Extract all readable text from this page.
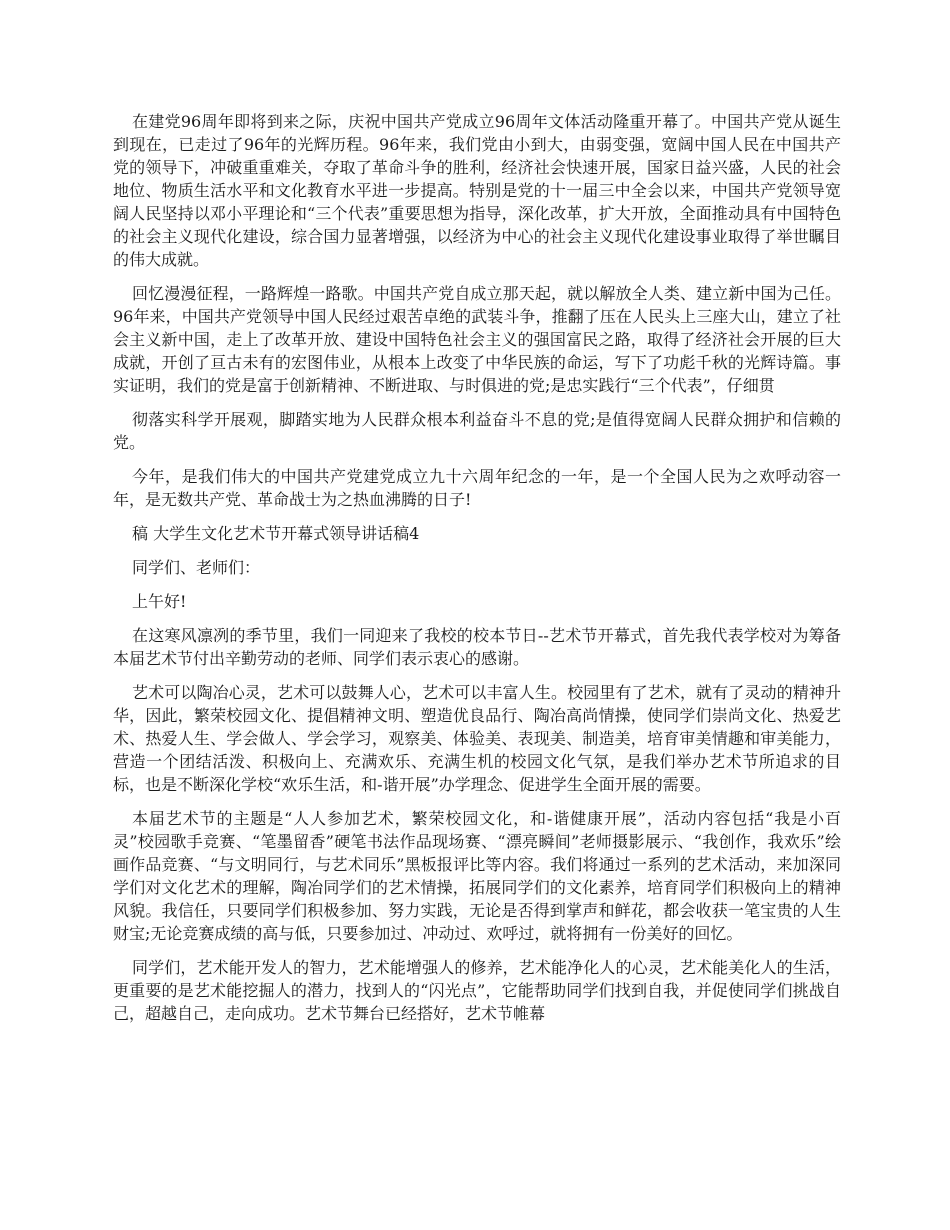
在建党96周年即将到来之际，庆祝中国共产党成立96周年文体活动隆重开幕了。中国共产党从诞生到现在，已走过了96年的光辉历程。96年来，我们党由小到大，由弱变强，宽阔中国人民在中国共产党的领导下，冲破重重难关，夺取了革命斗争的胜利，经济社会快速开展，国家日益兴盛，人民的社会地位、物质生活水平和文化教育水平进一步提高。特别是党的十一届三中全会以来，中国共产党领导宽阔人民坚持以邓小平理论和“三个代表”重要思想为指导，深化改革，扩大开放，全面推动具有中国特色的社会主义现代化建设，综合国力显著增强，以经济为中心的社会主义现代化建设事业取得了举世瞩目的伟大成就。

回忆漫漫征程，一路辉煌一路歌。中国共产党自成立那天起，就以解放全人类、建立新中国为己任。96年来，中国共产党领导中国人民经过艰苦卓绝的武装斗争，推翻了压在人民头上三座大山，建立了社会主义新中国，走上了改革开放、建设中国特色社会主义的强国富民之路，取得了经济社会开展的巨大成就，开创了亘古未有的宏图伟业，从根本上改变了中华民族的命运，写下了功彪千秋的光辉诗篇。事实证明，我们的党是富于创新精神、不断进取、与时俱进的党;是忠实践行“三个代表”，仔细贯

彻落实科学开展观，脚踏实地为人民群众根本利益奋斗不息的党;是值得宽阔人民群众拥护和信赖的党。

今年，是我们伟大的中国共产党建党成立九十六周年纪念的一年，是一个全国人民为之欢呼动容一年，是无数共产党、革命战士为之热血沸腾的日子!

稿 大学生文化艺术节开幕式领导讲话稿4

同学们、老师们：

上午好!

在这寒风凛冽的季节里，我们一同迎来了我校的校本节日--艺术节开幕式，首先我代表学校对为筹备本届艺术节付出辛勤劳动的老师、同学们表示衷心的感谢。

艺术可以陶冶心灵，艺术可以鼓舞人心，艺术可以丰富人生。校园里有了艺术，就有了灵动的精神升华，因此，繁荣校园文化、提倡精神文明、塑造优良品行、陶冶高尚情操，使同学们崇尚文化、热爱艺术、热爱人生、学会做人、学会学习，观察美、体验美、表现美、制造美，培育审美情趣和审美能力，营造一个团结活泼、积极向上、充满欢乐、充满生机的校园文化气氛，是我们举办艺术节所追求的目标，也是不断深化学校“欢乐生活，和-谐开展”办学理念、促进学生全面开展的需要。

本届艺术节的主题是“人人参加艺术，繁荣校园文化，和-谐健康开展”，活动内容包括“我是小百灵”校园歌手竞赛、“笔墨留香”硬笔书法作品现场赛、“漂亮瞬间”老师摄影展示、“我创作，我欢乐”绘画作品竞赛、“与文明同行，与艺术同乐”黑板报评比等内容。我们将通过一系列的艺术活动，来加深同学们对文化艺术的理解，陶冶同学们的艺术情操，拓展同学们的文化素养，培育同学们积极向上的精神风貌。我信任，只要同学们积极参加、努力实践，无论是否得到掌声和鲜花，都会收获一笔宝贵的人生财宝;无论竞赛成绩的高与低，只要参加过、冲动过、欢呼过，就将拥有一份美好的回忆。

同学们，艺术能开发人的智力，艺术能增强人的修养，艺术能净化人的心灵，艺术能美化人的生活，更重要的是艺术能挖掘人的潜力，找到人的“闪光点”，它能帮助同学们找到自我，并促使同学们挑战自己，超越自己，走向成功。艺术节舞台已经搭好，艺术节帷幕
